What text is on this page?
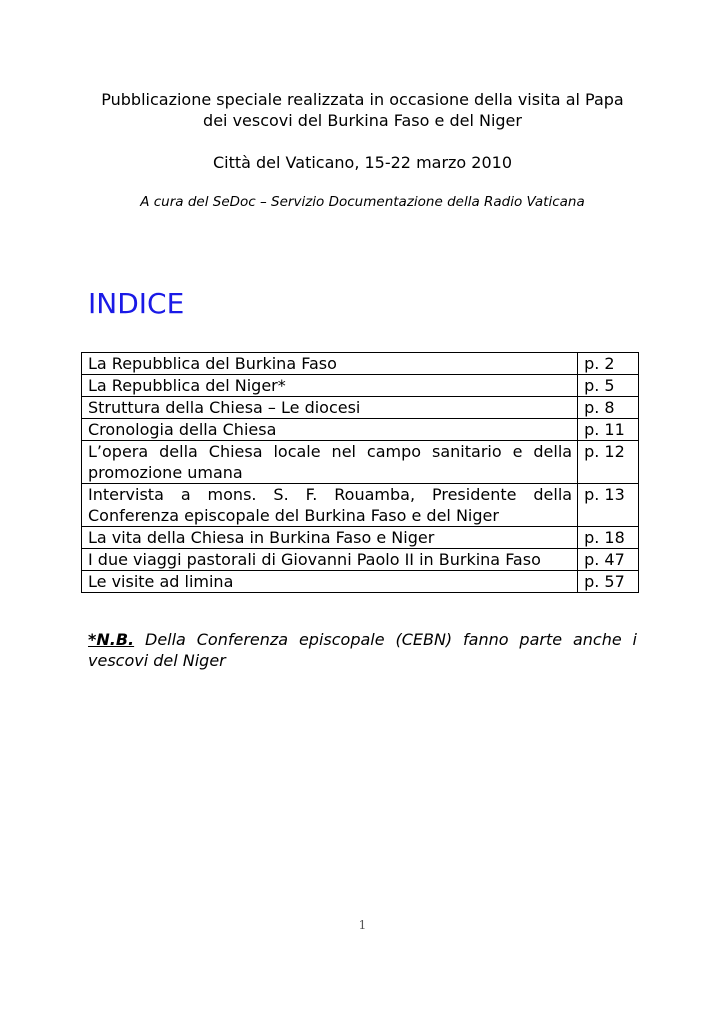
Pubblicazione speciale realizzata in occasione della visita al Papa
dei vescovi del Burkina Faso e del Niger
Città del Vaticano, 15-22 marzo 2010
A cura del SeDoc – Servizio Documentazione della Radio Vaticana
INDICE
La Repubblica del Burkina Faso	p. 2
La Repubblica del Niger*	p. 5
Struttura della Chiesa – Le diocesi	p. 8
Cronologia della Chiesa	p. 11
L’opera della Chiesa locale nel campo sanitario e della promozione umana	p. 12
Intervista a mons. S. F. Rouamba, Presidente della Conferenza episcopale del Burkina Faso e del Niger	p. 13
La vita della Chiesa in Burkina Faso e Niger	p. 18
I due viaggi pastorali di Giovanni Paolo II in Burkina Faso	p. 47
Le visite ad limina	p. 57
*N.B. Della Conferenza episcopale (CEBN) fanno parte anche i vescovi del Niger
1
